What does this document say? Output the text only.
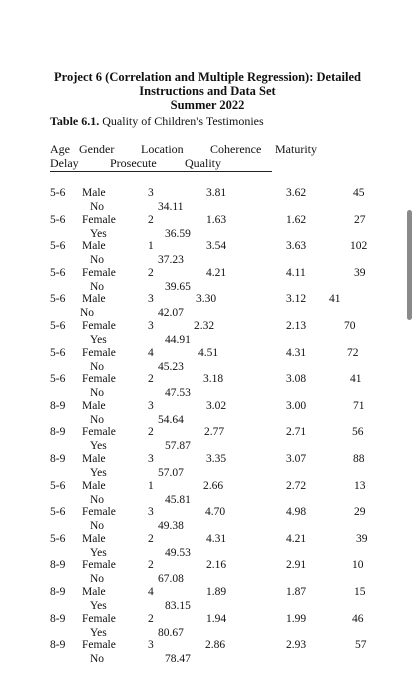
Project 6 (Correlation and Multiple Regression): Detailed
Instructions and Data Set
Summer 2022
Table 6.1. Quality of Children's Testimonies
Age Gender Location Coherence Maturity
Delay	Prosecute Quality
5-6 Male	3	3.81	3.62	45
No	34.11
5-6 Female	2	1.63	1.62	27
Yes	36.59
5-6 Male	1	3.54	3.63	102
No	37.23
5-6 Female	2	4.21	4.11	39
No	39.65
5-6 Male	3	3.30	3.12 41
No	42.07
5-6 Female	3	2.32	2.13	70
Yes	44.91
5-6 Female	4	4.51	4.31	72
No	45.23
5-6 Female	2	3.18	3.08	41
No	47.53
8-9 Male	3	3.02	3.00	71
No	54.64
8-9 Female	2	2.77	2.71	56
Yes	57.87
8-9 Male	3	3.35	3.07	88
Yes	57.07
5-6 Male	1	2.66	2.72	13
No	45.81
5-6 Female	3	4.70	4.98	29
No	49.38
5-6 Male	2	4.31	4.21	39
Yes	49.53
8-9 Female	2	2.16	2.91	10
No	67.08
8-9 Male	4	1.89	1.87	15
Yes	83.15
8-9 Female	2	1.94	1.99	46
Yes	80.67
8-9 Female	3	2.86	2.93	57
No	78.47
